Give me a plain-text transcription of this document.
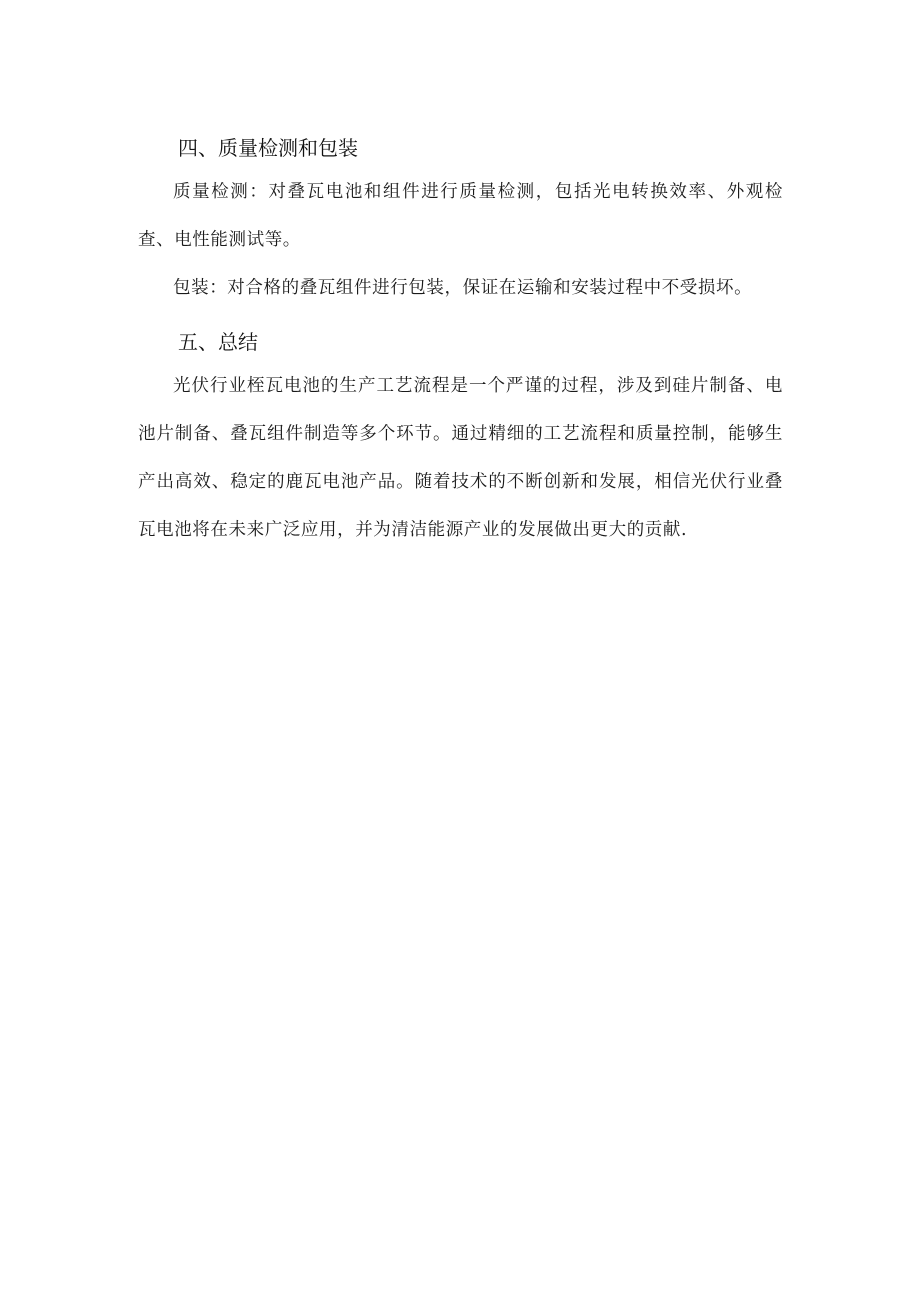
四、质量检测和包装

质量检测：对叠瓦电池和组件进行质量检测，包括光电转换效率、外观检查、电性能测试等。

包装：对合格的叠瓦组件进行包装，保证在运输和安装过程中不受损坏。

五、总结

光伏行业桎瓦电池的生产工艺流程是一个严谨的过程，涉及到硅片制备、电池片制备、叠瓦组件制造等多个环节。通过精细的工艺流程和质量控制，能够生产出高效、稳定的鹿瓦电池产品。随着技术的不断创新和发展，相信光伏行业叠瓦电池将在未来广泛应用，并为清洁能源产业的发展做出更大的贡献.
